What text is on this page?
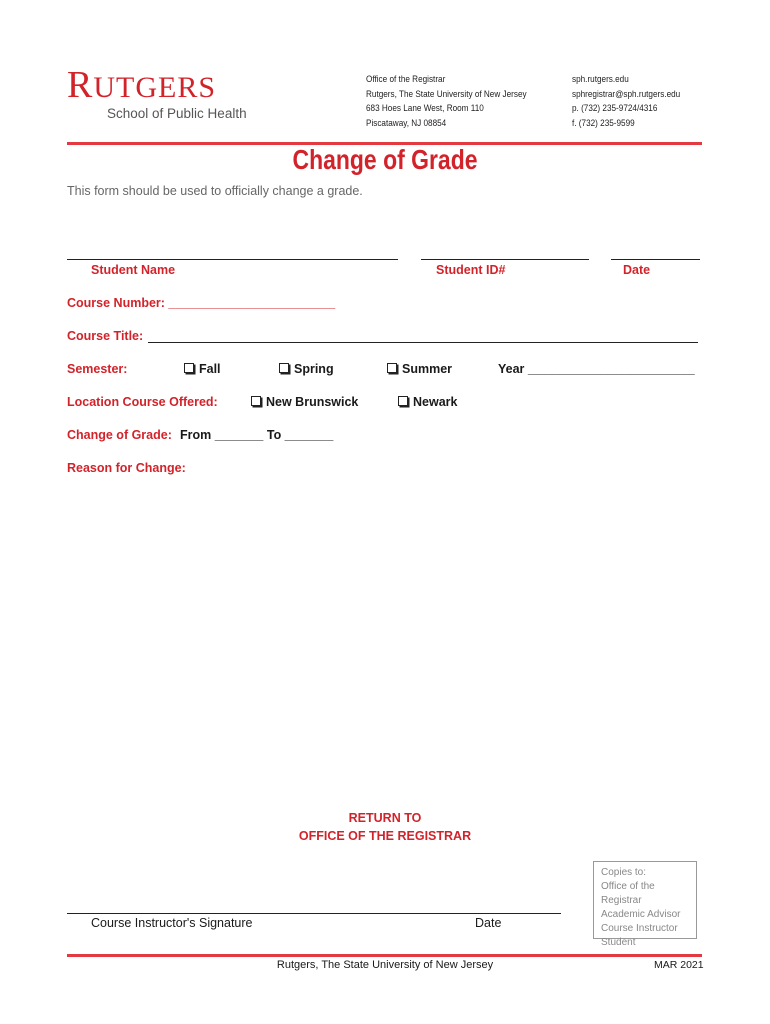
RUTGERS
School of Public Health
Office of the Registrar
Rutgers, The State University of New Jersey
683 Hoes Lane West, Room 110
Piscataway, NJ 08854
sph.rutgers.edu
sphregistrar@sph.rutgers.edu
p. (732) 235-9724/4316
f. (732) 235-9599
Change of Grade
This form should be used to officially change a grade.
Student Name	Student ID#	Date
Course Number: ________________________
Course Title:
Semester:	Fall	Spring	Summer	Year ________________________
Location Course Offered:	New Brunswick	Newark
Change of Grade: From _______ To _______
Reason for Change:
RETURN TO
OFFICE OF THE REGISTRAR
Course Instructor's Signature	Date
Copies to:
Office of the Registrar
Academic Advisor
Course Instructor
Student
Rutgers, The State University of New Jersey	MAR 2021
